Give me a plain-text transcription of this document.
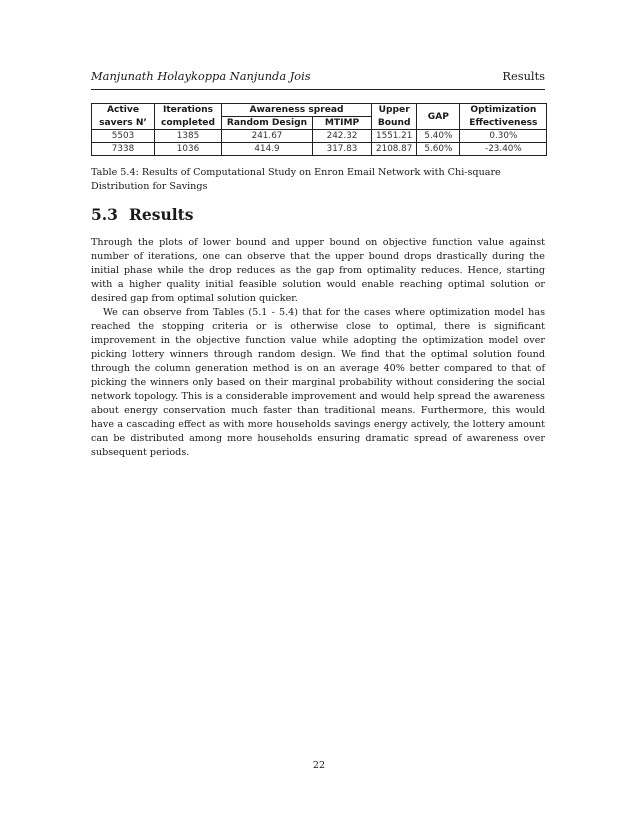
Manjunath Holaykoppa Nanjunda Jois	Results
Active	Iterations	Awareness spread		Upper	GAP	Optimization
savers N’	completed	Random Design	MTIMP	Bound		Effectiveness
5503	1385	241.67	242.32	1551.21	5.40%	0.30%
7338	1036	414.9	317.83	2108.87	5.60%	-23.40%
Table 5.4: Results of Computational Study on Enron Email Network with Chi-square Distribution for Savings
5.3 Results

Through the plots of lower bound and upper bound on objective function value against number of iterations, one can observe that the upper bound drops drastically during the initial phase while the drop reduces as the gap from optimality reduces. Hence, starting with a higher quality initial feasible solution would enable reaching optimal solution or desired gap from optimal solution quicker.

We can observe from Tables (5.1 - 5.4) that for the cases where optimization model has reached the stopping criteria or is otherwise close to optimal, there is significant improvement in the objective function value while adopting the optimization model over picking lottery winners through random design. We find that the optimal solution found through the column generation method is on an average 40% better compared to that of picking the winners only based on their marginal probability without considering the social network topology. This is a considerable improvement and would help spread the awareness about energy conservation much faster than traditional means. Furthermore, this would have a cascading effect as with more households savings energy actively, the lottery amount can be distributed among more households ensuring dramatic spread of awareness over subsequent periods.

22
